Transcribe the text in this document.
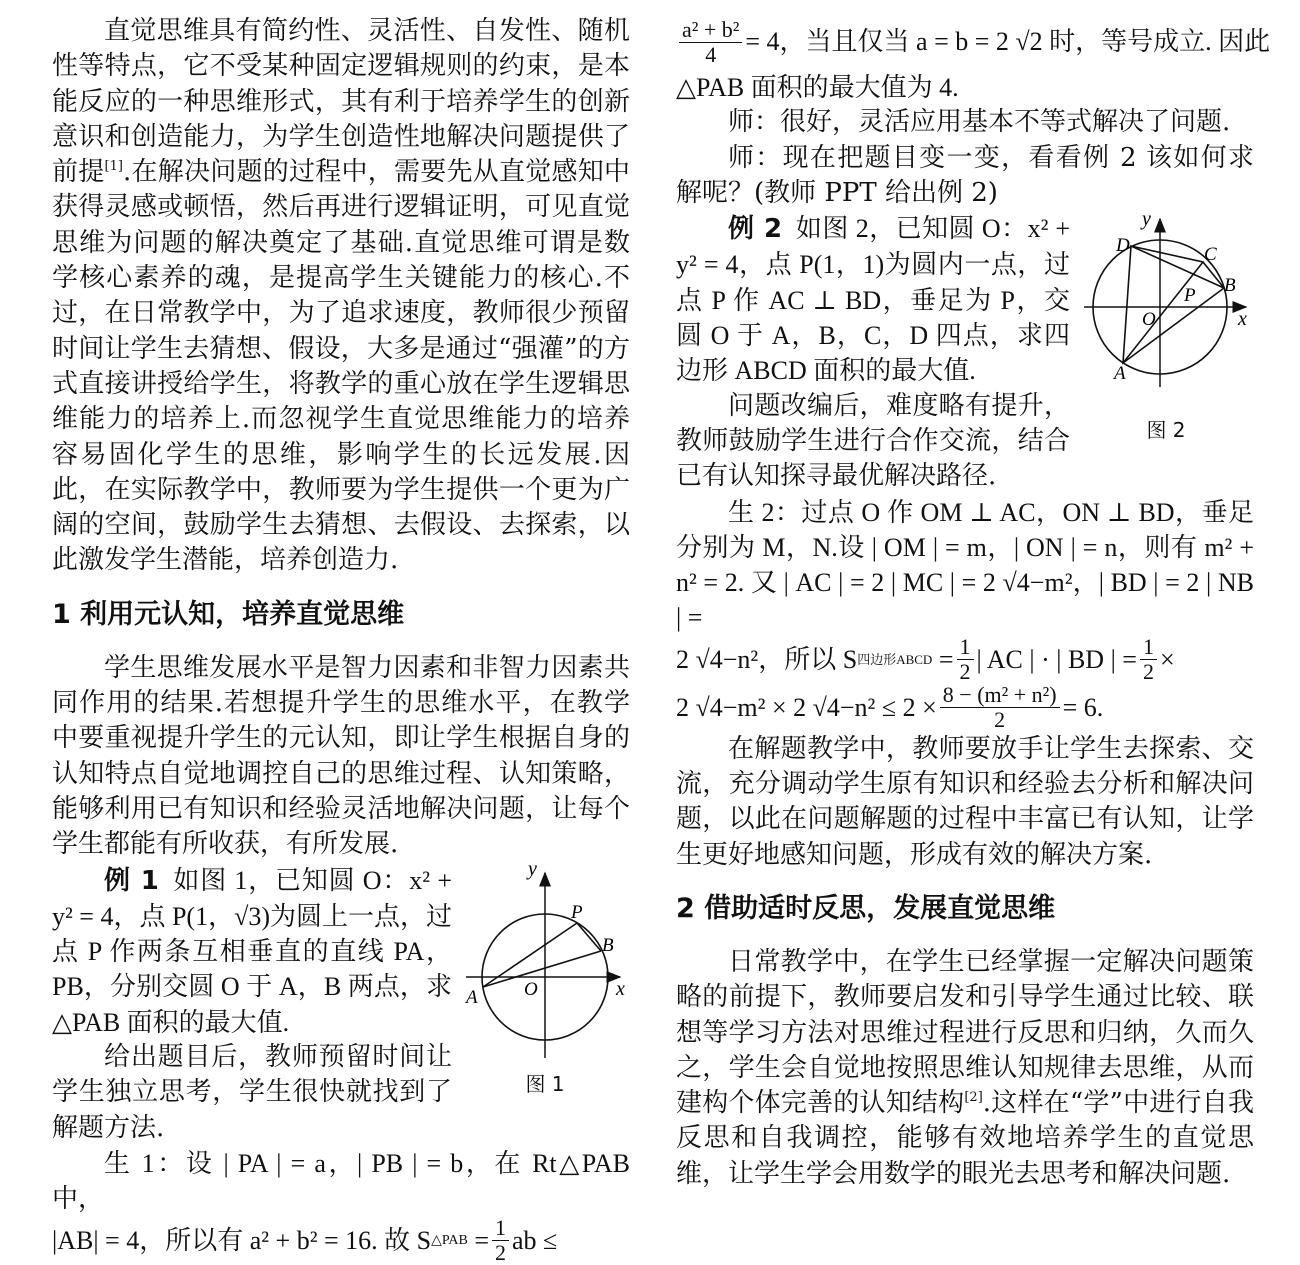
直觉思维具有简约性、灵活性、自发性、随机性等特点，它不受某种固定逻辑规则的约束，是本能反应的一种思维形式，其有利于培养学生的创新意识和创造能力，为学生创造性地解决问题提供了前提[1].在解决问题的过程中，需要先从直觉感知中获得灵感或顿悟，然后再进行逻辑证明，可见直觉思维为问题的解决奠定了基础.直觉思维可谓是数学核心素养的魂，是提高学生关键能力的核心.不过，在日常教学中，为了追求速度，教师很少预留时间让学生去猜想、假设，大多是通过“强灌”的方式直接讲授给学生，将教学的重心放在学生逻辑思维能力的培养上.而忽视学生直觉思维能力的培养容易固化学生的思维，影响学生的长远发展.因此，在实际教学中，教师要为学生提供一个更为广阔的空间，鼓励学生去猜想、去假设、去探索，以此激发学生潜能，培养创造力.

1 利用元认知，培养直觉思维

学生思维发展水平是智力因素和非智力因素共同作用的结果.若想提升学生的思维水平，在教学中要重视提升学生的元认知，即让学生根据自身的认知特点自觉地调控自己的思维过程、认知策略，能够利用已有知识和经验灵活地解决问题，让每个学生都能有所收获，有所发展.

y
x
P
B
A O
图 1

例 1 如图 1，已知圆 O：x² + y² = 4，点 P(1，√3)为圆上一点，过点 P 作两条互相垂直的直线 PA，PB，分别交圆 O 于 A，B 两点，求△PAB 面积的最大值.

给出题目后，教师预留时间让学生独立思考，学生很快就找到了解题方法.

生 1：设 | PA | = a，| PB | = b，在 Rt△PAB 中，

|AB| = 4，所以有 a² + b² = 16. 故 S △PAB
= $\frac{1}{2}$ ab ≤
$\frac{\text{a² + b²}}{4} = 4$，当且仅当 a = b = 2 √2 时，等号成立. 因此

△PAB 面积的最大值为 4.

师：很好，灵活应用基本不等式解决了问题.

师：现在把题目变一变，看看例 2 该如何求解呢？(教师 PPT 给出例 2)

y
x
D	C
B
P
O
A
图 2

例 2 如图 2，已知圆 O：x² + y² = 4，点 P(1，1)为圆内一点，过点 P 作 AC ⊥ BD，垂足为 P，交圆 O 于 A，B，C，D 四点，求四边形 ABCD 面积的最大值.

问题改编后，难度略有提升，教师鼓励学生进行合作交流，结合已有认知探寻最优解决路径.

生 2：过点 O 作 OM ⊥ AC，ON ⊥ BD，垂足分别为 M，N.设 | OM | = m，| ON | = n，则有 m² + n² = 2. 又 | AC | = 2 | MC | = 2 √4−m²，| BD | = 2 | NB | =

2 √4−n²，所以 S 四边形ABCD
= $\frac{1}{2}$ | AC | · | BD | = $\frac{1}{2}$ ×
2 √4−m² × 2 $√4-n^2 \le 2 \times \frac{\text{8 − (m² + n²)}}{2} = 6$.

在解题教学中，教师要放手让学生去探索、交流，充分调动学生原有知识和经验去分析和解决问题，以此在问题解题的过程中丰富已有认知，让学生更好地感知问题，形成有效的解决方案.

2 借助适时反思，发展直觉思维

日常教学中，在学生已经掌握一定解决问题策略的前提下，教师要启发和引导学生通过比较、联想等学习方法对思维过程进行反思和归纳，久而久之，学生会自觉地按照思维认知规律去思维，从而建构个体完善的认知结构[2].这样在“学”中进行自我反思和自我调控，能够有效地培养学生的直觉思维，让学生学会用数学的眼光去思考和解决问题.
